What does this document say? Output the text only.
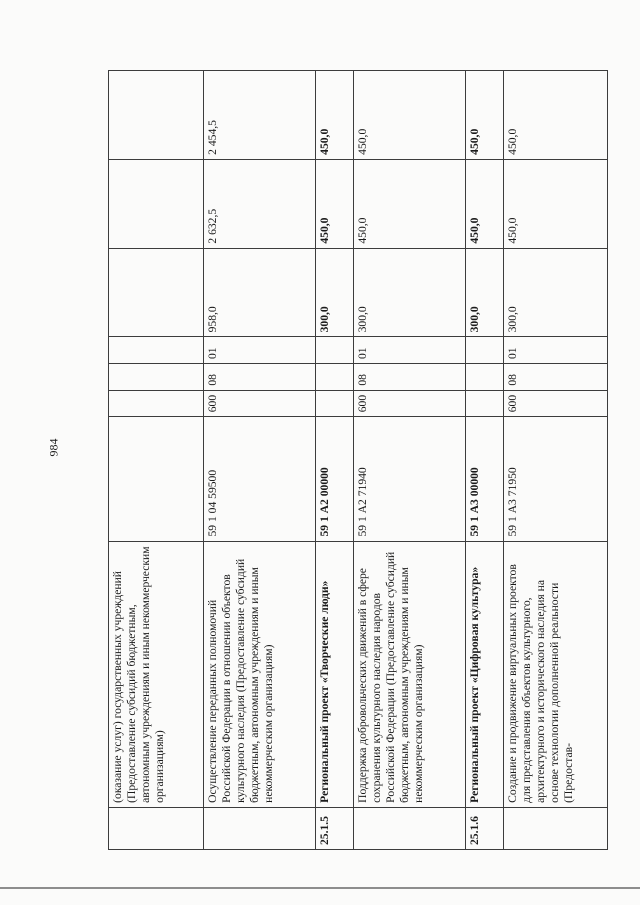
984
	(оказание услуг) государственных учреждений (Предоставление субсидий бюджетным, автономным учреждениям и иным некоммерческим организациям)							
	Осуществление переданных полномочий Российской Федерации в отношении объектов культурного наследия (Предоставление субсидий бюджетным, автономным учреждениям и иным некоммерческим организациям)	59 1 04 59500	600	08	01	958,0	2 632,5	2 454,5
25.1.5	Региональный проект «Творческие люди»	59 1 А2 00000				300,0	450,0	450,0
	Поддержка добровольческих движений в сфере сохранения культурного наследия народов Российской Федерации (Предоставление субсидий бюджетным, автономным учреждениям и иным некоммерческим организациям)	59 1 А2 71940	600	08	01	300,0	450,0	450,0
25.1.6	Региональный проект «Цифровая культура»	59 1 А3 00000				300,0	450,0	450,0
	Создание и продвижение виртуальных проектов для представления объектов культурного, архитектурного и исторического наследия на основе технологии дополненной реальности (Предостав-	59 1 А3 71950	600	08	01	300,0	450,0	450,0
